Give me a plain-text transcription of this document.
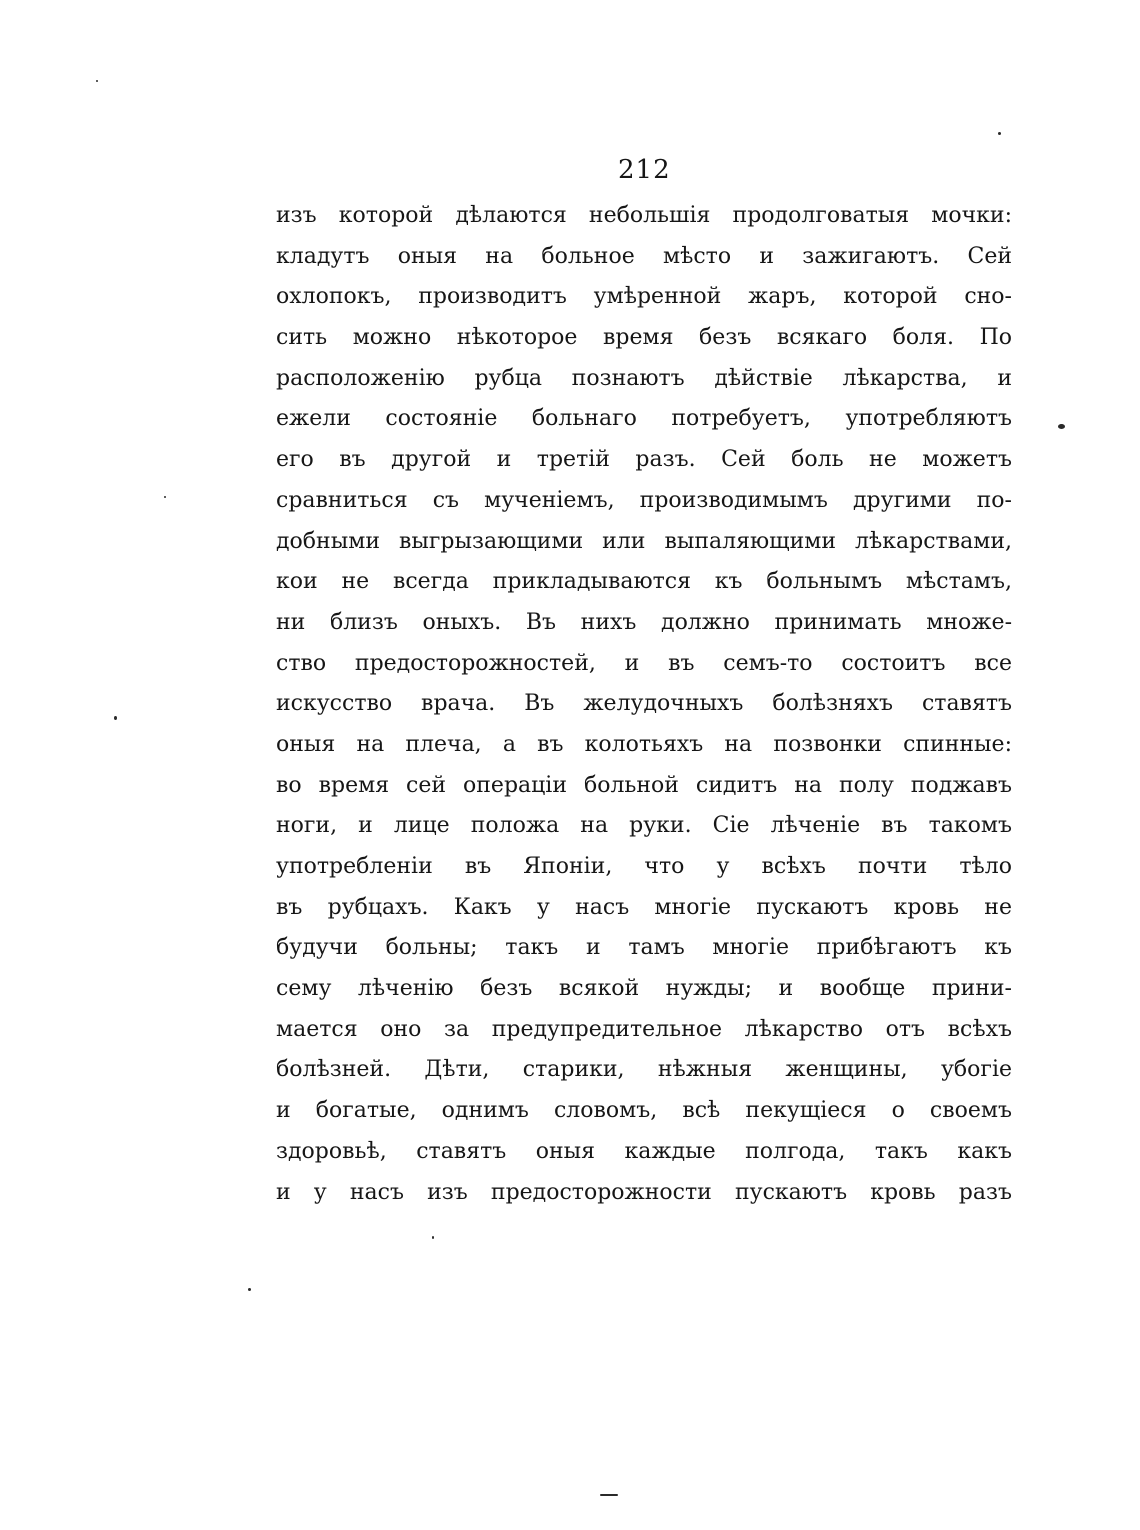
212
изъ которой дѣлаются небольшія продолговатыя мочки:
кладутъ оныя на больное мѣсто и зажигаютъ. Сей
охлопокъ, производитъ умѣренной жаръ, которой сно-
сить можно нѣкоторое время безъ всякаго боля. По
расположенію рубца познаютъ дѣйствіе лѣкарства, и
ежели состояніе больнаго потребуетъ, употребляютъ
его въ другой и третій разъ. Сей боль не можетъ
сравниться съ мученіемъ, производимымъ другими по-
добными выгрызающими или выпаляющими лѣкарствами,
кои не всегда прикладываются къ больнымъ мѣстамъ,
ни близъ оныхъ. Въ нихъ должно принимать множе-
ство предосторожностей, и въ семъ-то состоитъ все
искусство врача. Въ желудочныхъ болѣзняхъ ставятъ
оныя на плеча, а въ колотьяхъ на позвонки спинные:
во время сей операціи больной сидитъ на полу поджавъ
ноги, и лице положа на руки. Сіе лѣченіе въ такомъ
употребленіи въ Японіи, что у всѣхъ почти тѣло
въ рубцахъ. Какъ у насъ многіе пускаютъ кровь не
будучи больны; такъ и тамъ многіе прибѣгаютъ къ
сему лѣченію безъ всякой нужды; и вообще прини-
мается оно за предупредительное лѣкарство отъ всѣхъ
болѣзней. Дѣти, старики, нѣжныя женщины, убогіе
и богатые, однимъ словомъ, всѣ пекущіеся о своемъ
здоровьѣ, ставятъ оныя каждые полгода, такъ какъ
и у насъ изъ предосторожности пускаютъ кровь разъ
